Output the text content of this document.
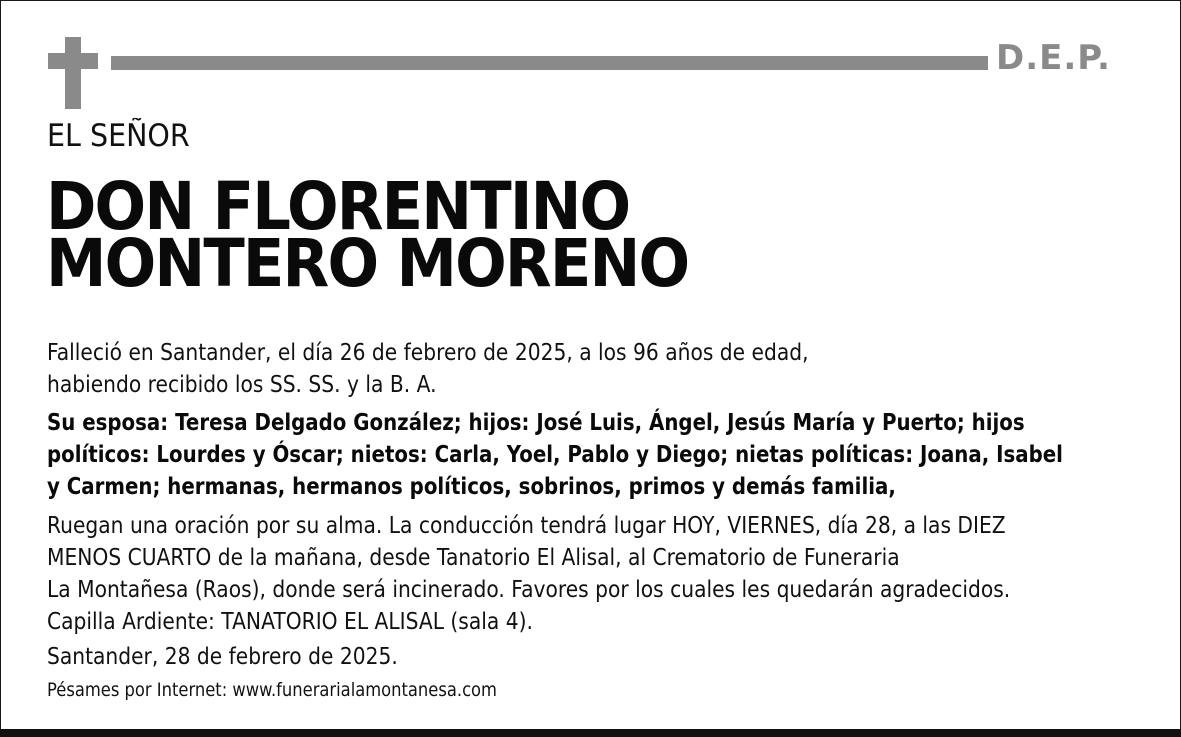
D.E.P.
EL SEÑOR
DON FLORENTINO
MONTERO MORENO
Falleció en Santander, el día 26 de febrero de 2025, a los 96 años de edad,
habiendo recibido los SS. SS. y la B. A.
Su esposa: Teresa Delgado González; hijos: José Luis, Ángel, Jesús María y Puerto; hijos
políticos: Lourdes y Óscar; nietos: Carla, Yoel, Pablo y Diego; nietas políticas: Joana, Isabel
y Carmen; hermanas, hermanos políticos, sobrinos, primos y demás familia,
Ruegan una oración por su alma. La conducción tendrá lugar HOY, VIERNES, día 28, a las DIEZ
MENOS CUARTO de la mañana, desde Tanatorio El Alisal, al Crematorio de Funeraria
La Montañesa (Raos), donde será incinerado. Favores por los cuales les quedarán agradecidos.
Capilla Ardiente: TANATORIO EL ALISAL (sala 4).
Santander, 28 de febrero de 2025.
Pésames por Internet: www.funerarialamontanesa.com
